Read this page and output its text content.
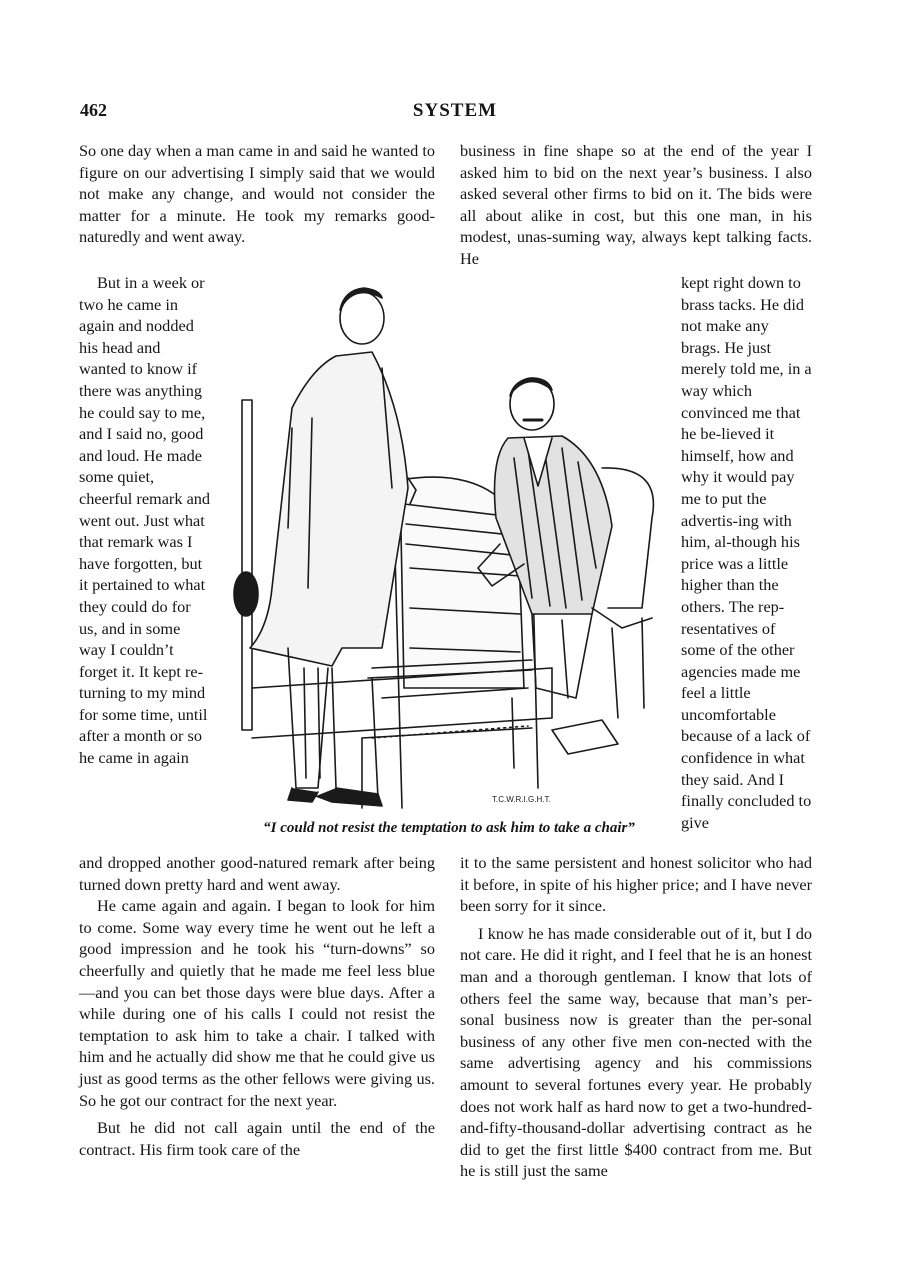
462	SYSTEM

So one day when a man came in and said he wanted to figure on our advertising I simply said that we would not make any change, and would not consider the matter for a minute. He took my remarks good-naturedly and went away.

business in fine shape so at the end of the year I asked him to bid on the next year’s business. I also asked several other firms to bid on it. The bids were all about alike in cost, but this one man, in his modest, unas-suming way, always kept talking facts. He

But in a week or two he came in again and nodded his head and wanted to know if there was anything he could say to me, and I said no, good and loud. He made some quiet, cheerful remark and went out. Just what that remark was I have forgotten, but it pertained to what they could do for us, and in some way I couldn’t forget it. It kept re-turning to my mind for some time, until after a month or so he came in again

kept right down to brass tacks. He did not make any brags. He just merely told me, in a way which convinced me that he be-lieved it himself, how and why it would pay me to put the advertis-ing with him, al-though his price was a little higher than the others. The rep-resentatives of some of the other agencies made me feel a little uncomfortable because of a lack of confidence in what they said. And I finally concluded to give

T.C.W.R.I.G.H.T.
“I could not resist the temptation to ask him to take a chair”

and dropped another good-natured remark after being turned down pretty hard and went away.

He came again and again. I began to look for him to come. Some way every time he went out he left a good impression and he took his “turn-downs” so cheerfully and quietly that he made me feel less blue—and you can bet those days were blue days. After a while during one of his calls I could not resist the temptation to ask him to take a chair. I talked with him and he actually did show me that he could give us just as good terms as the other fellows were giving us. So he got our contract for the next year.

But he did not call again until the end of the contract. His firm took care of the

it to the same persistent and honest solicitor who had it before, in spite of his higher price; and I have never been sorry for it since.

I know he has made considerable out of it, but I do not care. He did it right, and I feel that he is an honest man and a thorough gentleman. I know that lots of others feel the same way, because that man’s per-sonal business now is greater than the per-sonal business of any other five men con-nected with the same advertising agency and his commissions amount to several fortunes every year. He probably does not work half as hard now to get a two-hundred-and-fifty-thousand-dollar advertising contract as he did to get the first little $400 contract from me. But he is still just the same
